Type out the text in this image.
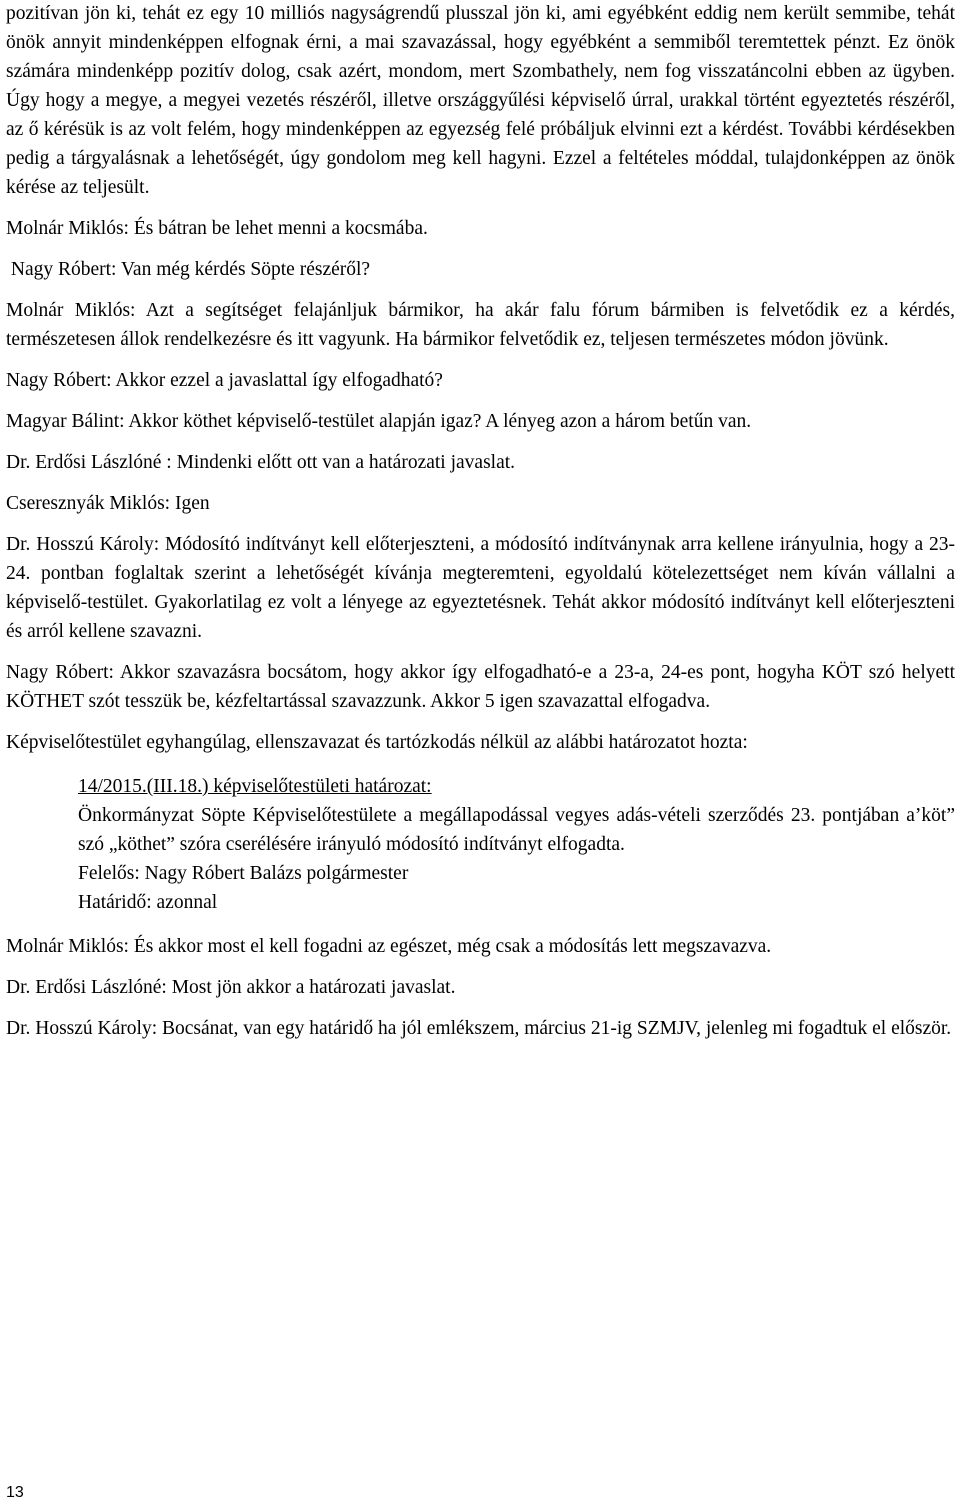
pozitívan jön ki, tehát ez egy 10 milliós nagyságrendű plusszal jön ki, ami egyébként eddig nem került semmibe, tehát önök annyit mindenképpen elfognak érni, a mai szavazással, hogy egyébként a semmiből teremtettek pénzt. Ez önök számára mindenképp pozitív dolog, csak azért, mondom, mert Szombathely, nem fog visszatáncolni ebben az ügyben. Úgy hogy a megye, a megyei vezetés részéről, illetve országgyűlési képviselő úrral, urakkal történt egyeztetés részéről, az ő kérésük is az volt felém, hogy mindenképpen az egyezség felé próbáljuk elvinni ezt a kérdést. További kérdésekben pedig a tárgyalásnak a lehetőségét, úgy gondolom meg kell hagyni. Ezzel a feltételes móddal, tulajdonképpen az önök kérése az teljesült.

Molnár Miklós: És bátran be lehet menni a kocsmába.

Nagy Róbert: Van még kérdés Söpte részéről?

Molnár Miklós: Azt a segítséget felajánljuk bármikor, ha akár falu fórum bármiben is felvetődik ez a kérdés, természetesen állok rendelkezésre és itt vagyunk. Ha bármikor felvetődik ez, teljesen természetes módon jövünk.

Nagy Róbert: Akkor ezzel a javaslattal így elfogadható?

Magyar Bálint: Akkor köthet képviselő-testület alapján igaz? A lényeg azon a három betűn van.

Dr. Erdősi Lászlóné : Mindenki előtt ott van a határozati javaslat.

Cseresznyák Miklós: Igen

Dr. Hosszú Károly: Módosító indítványt kell előterjeszteni, a módosító indítványnak arra kellene irányulnia, hogy a 23-24. pontban foglaltak szerint a lehetőségét kívánja megteremteni, egyoldalú kötelezettséget nem kíván vállalni a képviselő-testület. Gyakorlatilag ez volt a lényege az egyeztetésnek. Tehát akkor módosító indítványt kell előterjeszteni és arról kellene szavazni.

Nagy Róbert: Akkor szavazásra bocsátom, hogy akkor így elfogadható-e a 23-a, 24-es pont, hogyha KÖT szó helyett KÖTHET szót tesszük be, kézfeltartással szavazzunk. Akkor 5 igen szavazattal elfogadva.

Képviselőtestület egyhangúlag, ellenszavazat és tartózkodás nélkül az alábbi határozatot hozta:

14/2015.(III.18.) képviselőtestületi határozat:
Önkormányzat Söpte Képviselőtestülete a megállapodással vegyes adás-vételi szerződés 23. pontjában a’köt” szó „köthet” szóra cserélésére irányuló módosító indítványt elfogadta.
Felelős: Nagy Róbert Balázs polgármester
Határidő: azonnal

Molnár Miklós: És akkor most el kell fogadni az egészet, még csak a módosítás lett megszavazva.

Dr. Erdősi Lászlóné: Most jön akkor a határozati javaslat.

Dr. Hosszú Károly: Bocsánat, van egy határidő ha jól emlékszem, március 21-ig SZMJV, jelenleg mi fogadtuk el először.

13
